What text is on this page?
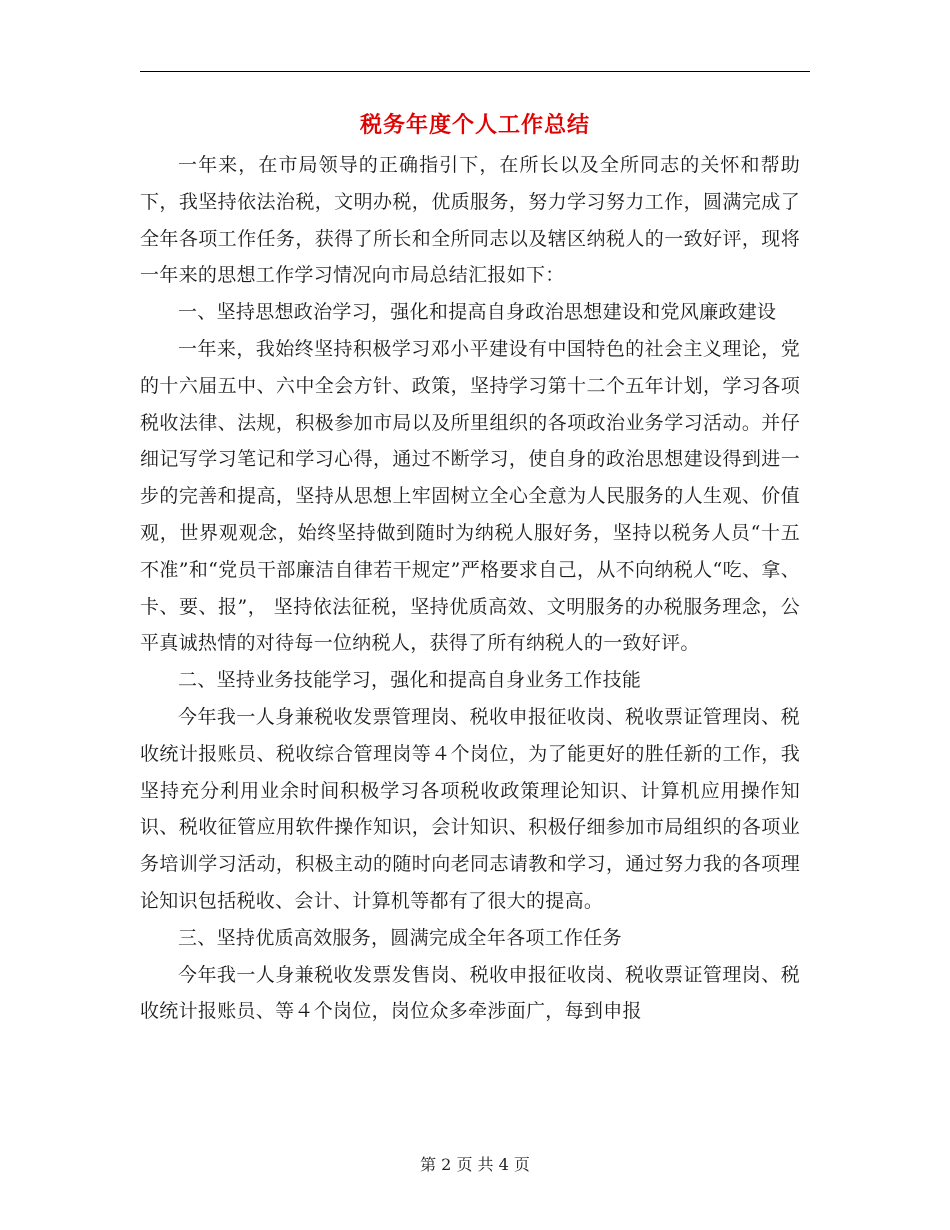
税务年度个人工作总结

一年来，在市局领导的正确指引下，在所长以及全所同志的关怀和帮助下，我坚持依法治税，文明办税，优质服务，努力学习努力工作，圆满完成了全年各项工作任务，获得了所长和全所同志以及辖区纳税人的一致好评，现将一年来的思想工作学习情况向市局总结汇报如下：

一、坚持思想政治学习，强化和提高自身政治思想建设和党风廉政建设

一年来，我始终坚持积极学习邓小平建设有中国特色的社会主义理论，党的十六届五中、六中全会方针、政策，坚持学习第十二个五年计划，学习各项税收法律、法规，积极参加市局以及所里组织的各项政治业务学习活动。并仔细记写学习笔记和学习心得，通过不断学习，使自身的政治思想建设得到进一步的完善和提高，坚持从思想上牢固树立全心全意为人民服务的人生观、价值观，世界观观念，始终坚持做到随时为纳税人服好务，坚持以税务人员“十五不准”和“党员干部廉洁自律若干规定”严格要求自己，从不向纳税人“吃、拿、卡、要、报”， 坚持依法征税，坚持优质高效、文明服务的办税服务理念，公平真诚热情的对待每一位纳税人，获得了所有纳税人的一致好评。

二、坚持业务技能学习，强化和提高自身业务工作技能

今年我一人身兼税收发票管理岗、税收申报征收岗、税收票证管理岗、税收统计报账员、税收综合管理岗等４个岗位，为了能更好的胜任新的工作，我坚持充分利用业余时间积极学习各项税收政策理论知识、计算机应用操作知识、税收征管应用软件操作知识，会计知识、积极仔细参加市局组织的各项业务培训学习活动，积极主动的随时向老同志请教和学习，通过努力我的各项理论知识包括税收、会计、计算机等都有了很大的提高。

三、坚持优质高效服务，圆满完成全年各项工作任务

今年我一人身兼税收发票发售岗、税收申报征收岗、税收票证管理岗、税收统计报账员、等４个岗位，岗位众多牵涉面广，每到申报

第 2 页 共 4 页
